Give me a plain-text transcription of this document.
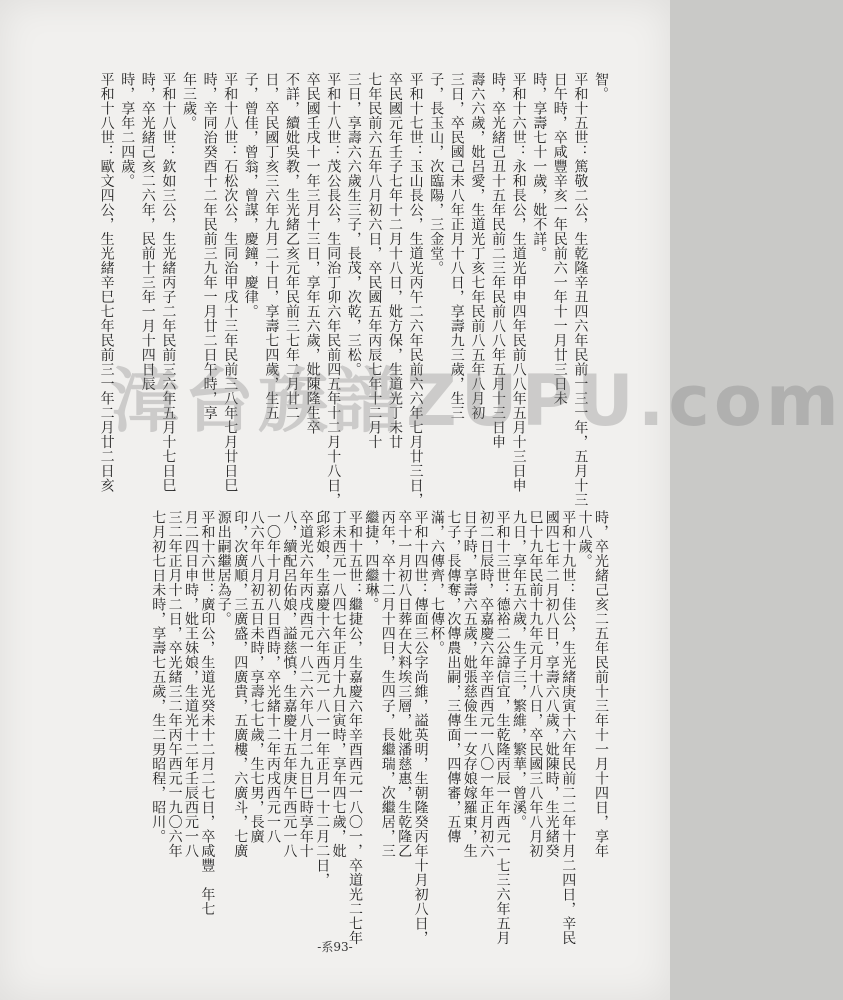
智。
平和十五世：篤敬二公，生乾隆辛丑四六年民前一三一年，五月十三
日午時，卒咸豐辛亥一年民前六一年十一月廿三日未
時，享壽七十一歲，妣不詳。
平和十六世：永和長公，生道光甲申四年民前八八年五月十三日申
時，卒光緒己丑十五年民前二三年民前八八年五月十三日申
壽六六歲，妣呂愛，生道光丁亥七年民前八五年八月初
三日，卒民國己未八年正月十八日，享壽九三歲，生三
子，長玉山，次臨陽，三金堂。
平和十七世：玉山長公，生道光丙午二六年民前六六年七月廿三日，
卒民國元年壬子七年十二月十八日，妣方保，生道光丁未廿
七年民前六五年八月初六日，卒民國五年丙辰七年十二月十
三日，享壽六六歲生三子，長茂，次乾，三松。
平和十八世：茂公長公，生同治丁卯六年民前四五年十二月十八日，
卒民國壬戌十一年三月十三日，享年五六歲，妣陳隆生卒
不詳，續妣吳教，生光緒乙亥元年民前三七年二月廿二
日，卒民國丁亥三六年九月二十日，享壽七四歲，生五
子，曾佳，曾翁，曾謀，慶鐘，慶律。
平和十八世：石松次公，生同治甲戌十三年民前三八年七月廿日巳
時，辛同治癸酉十二年民前三九年一月廿二日午時，享
年三歲。
平和十八世：欽如三公，生光緒丙子二年民前三六年五月十七日巳
時，卒光緒己亥二六年，民前十三年一月十四日辰
時，享年二四歲。
平和十八世：歐文四公，生光緒辛巳七年民前三一年二月廿二日亥
時，卒光緒己亥二五年民前十三年十一月十四日，享年
十八歲。
平和十九世：佳公，生光緒庚寅十六年民前二二年十月二四日，辛民
國四七年二月初八日，享壽六八歲，妣陳時，生光緒癸
巳十九年民前十九年元月十八日，卒民國三八年八月初
九日，享年五六歲，生子三，繁維，繁華，曾溪。
平和十三世：德裕二公諱信宜，生乾隆丙辰一年西元一七三六年五月
初二日辰時，卒嘉慶六年辛酉西元一八〇一年正月初六
日子時，享壽六五歲，妣張慈儉生一女存娘嫁羅東，生
七子，長傳奪，次傳農出嗣，三傳面，四傳審，五傳
滿，六傳齊，七傳杯。
平和十四世：傳面三公字尚維，謚英明，生朝隆癸丙年十月初八日，
卒十一月初八日葬在大料埃三層，妣潘慈惠，生乾隆乙
丙年，卒十二月十四日，生四子，長繼瑞，次繼居，三
繼捷，四繼琳。
平和十五世：繼捷公，生嘉慶六年辛酉西元一八〇一，卒道光二七年
丁未西元一八四七年正月十九日寅時，享年四七歲，妣
邱彩娘，生嘉慶十六年西元一八一一年正月一十二月二日，
卒道光六年丙戌西元一八二六年八月二九日巳時享年十
八，續配呂佑娘，謚慈慎，生嘉慶十五年庚午西元一八
一〇年十月初八日酉時，卒光緒十二年丙戌西元一八
八六年八月初五日未時，享壽七七歲，生七男，長廣
印，次廣順，三廣盛，四廣貴，五廣樓，六廣斗，七廣
源出嗣繼居為子。
平和十六世：廣印公，生道光癸未十二月二七日，卒咸豐　年七
月二四日申時，妣王妹娘，生道光十二年壬辰西元一八
三二年正月十二日，卒光緒三二年丙午西元一九〇六年
七月初七日未時，享壽七五歲，生二男昭程，昭川。
漳台族譜ZUPU.com
-系93-
